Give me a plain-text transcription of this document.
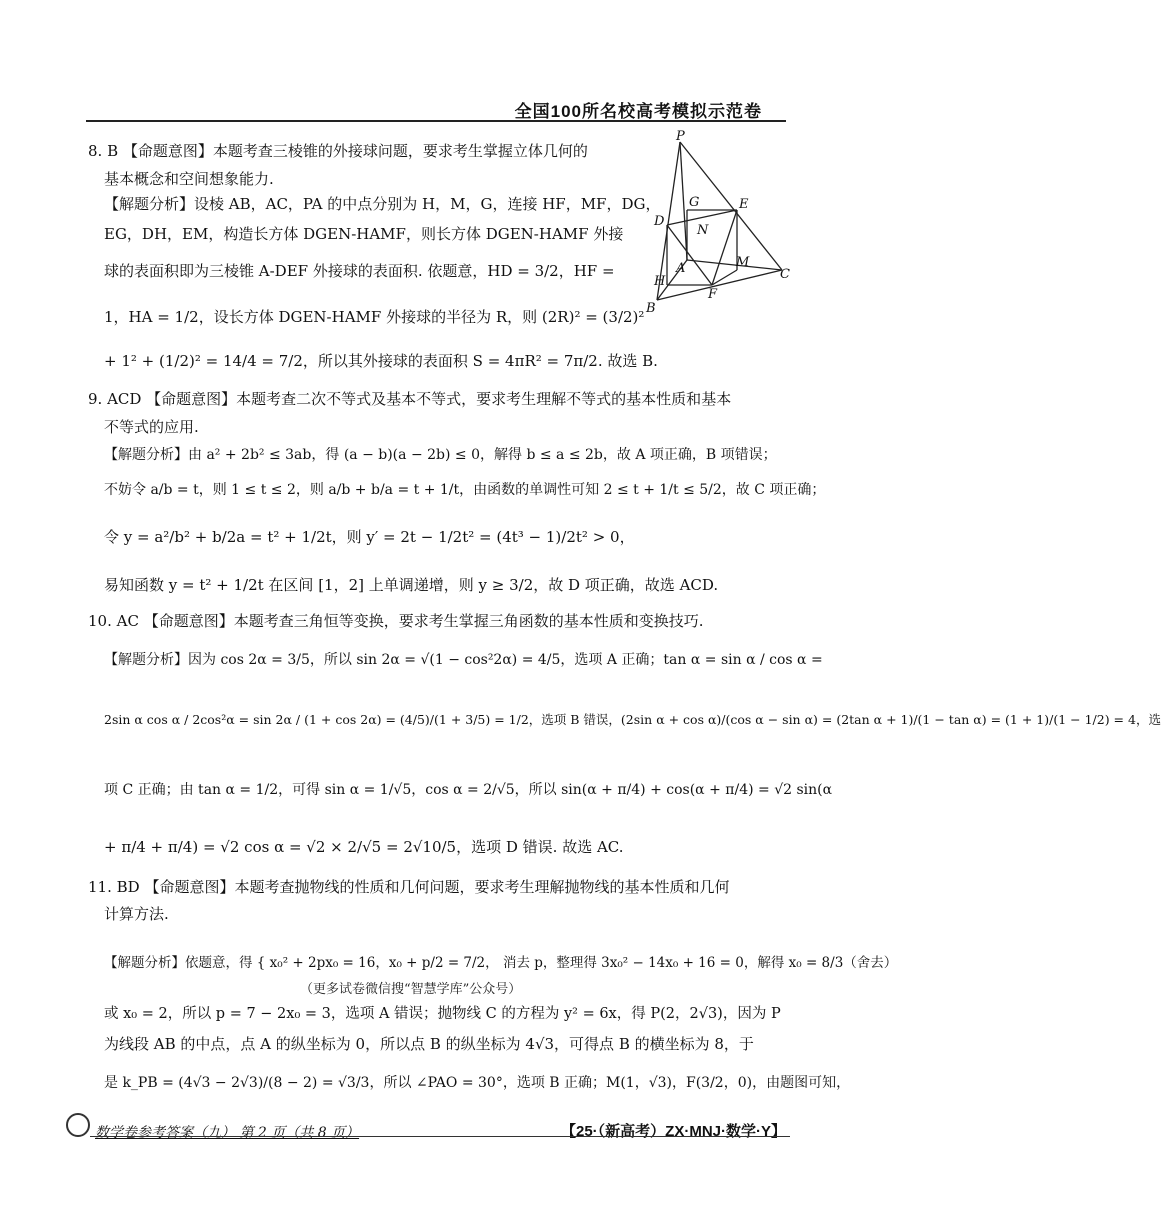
全国100所名校高考模拟示范卷
8. B 【命题意图】本题考查三棱锥的外接球问题，要求考生掌握立体几何的
基本概念和空间想象能力.
【解题分析】设棱 AB，AC，PA 的中点分别为 H，M，G，连接 HF，MF，DG，
EG，DH，EM，构造长方体 DGEN-HAMF，则长方体 DGEN-HAMF 外接
球的表面积即为三棱锥 A-DEF 外接球的表面积. 依题意，HD = 3/2，HF =
1，HA = 1/2，设长方体 DGEN-HAMF 外接球的半径为 R，则 (2R)² = (3/2)²
+ 1² + (1/2)² = 14/4 = 7/2，所以其外接球的表面积 S = 4πR² = 7π/2. 故选 B.
9. ACD 【命题意图】本题考查二次不等式及基本不等式，要求考生理解不等式的基本性质和基本
不等式的应用.
【解题分析】由 a² + 2b² ≤ 3ab，得 (a − b)(a − 2b) ≤ 0，解得 b ≤ a ≤ 2b，故 A 项正确，B 项错误；
不妨令 a/b = t，则 1 ≤ t ≤ 2，则 a/b + b/a = t + 1/t，由函数的单调性可知 2 ≤ t + 1/t ≤ 5/2，故 C 项正确；
令 y = a²/b² + b/2a = t² + 1/2t，则 y′ = 2t − 1/2t² = (4t³ − 1)/2t² > 0，
易知函数 y = t² + 1/2t 在区间 [1，2] 上单调递增，则 y ≥ 3/2，故 D 项正确，故选 ACD.
10. AC 【命题意图】本题考查三角恒等变换，要求考生掌握三角函数的基本性质和变换技巧.
【解题分析】因为 cos 2α = 3/5，所以 sin 2α = √(1 − cos²2α) = 4/5，选项 A 正确；tan α = sin α / cos α =
2sin α cos α / 2cos²α = sin 2α / (1 + cos 2α) = (4/5)/(1 + 3/5) = 1/2，选项 B 错误，(2sin α + cos α)/(cos α − sin α) = (2tan α + 1)/(1 − tan α) = (1 + 1)/(1 − 1/2) = 4，选
项 C 正确；由 tan α = 1/2，可得 sin α = 1/√5，cos α = 2/√5，所以 sin(α + π/4) + cos(α + π/4) = √2 sin(α
+ π/4 + π/4) = √2 cos α = √2 × 2/√5 = 2√10/5，选项 D 错误. 故选 AC.
11. BD 【命题意图】本题考查抛物线的性质和几何问题，要求考生理解抛物线的基本性质和几何
计算方法.
【解题分析】依题意，得 { x₀² + 2px₀ = 16，x₀ + p/2 = 7/2， 消去 p，整理得 3x₀² − 14x₀ + 16 = 0，解得 x₀ = 8/3（舍去）
（更多试卷微信搜“智慧学库”公众号）
或 x₀ = 2，所以 p = 7 − 2x₀ = 3，选项 A 错误；抛物线 C 的方程为 y² = 6x，得 P(2，2√3)，因为 P
为线段 AB 的中点，点 A 的纵坐标为 0，所以点 B 的纵坐标为 4√3，可得点 B 的横坐标为 8，于
是 k_PB = (4√3 − 2√3)/(8 − 2) = √3/3，所以 ∠PAO = 30°，选项 B 正确；M(1，√3)，F(3/2，0)，由题图可知，
P
G	E
D
N
A	M
H
F
C
B
数学卷参考答案（九） 第 2 页（共 8 页）	【25·（新高考）ZX·MNJ·数学·Y】
